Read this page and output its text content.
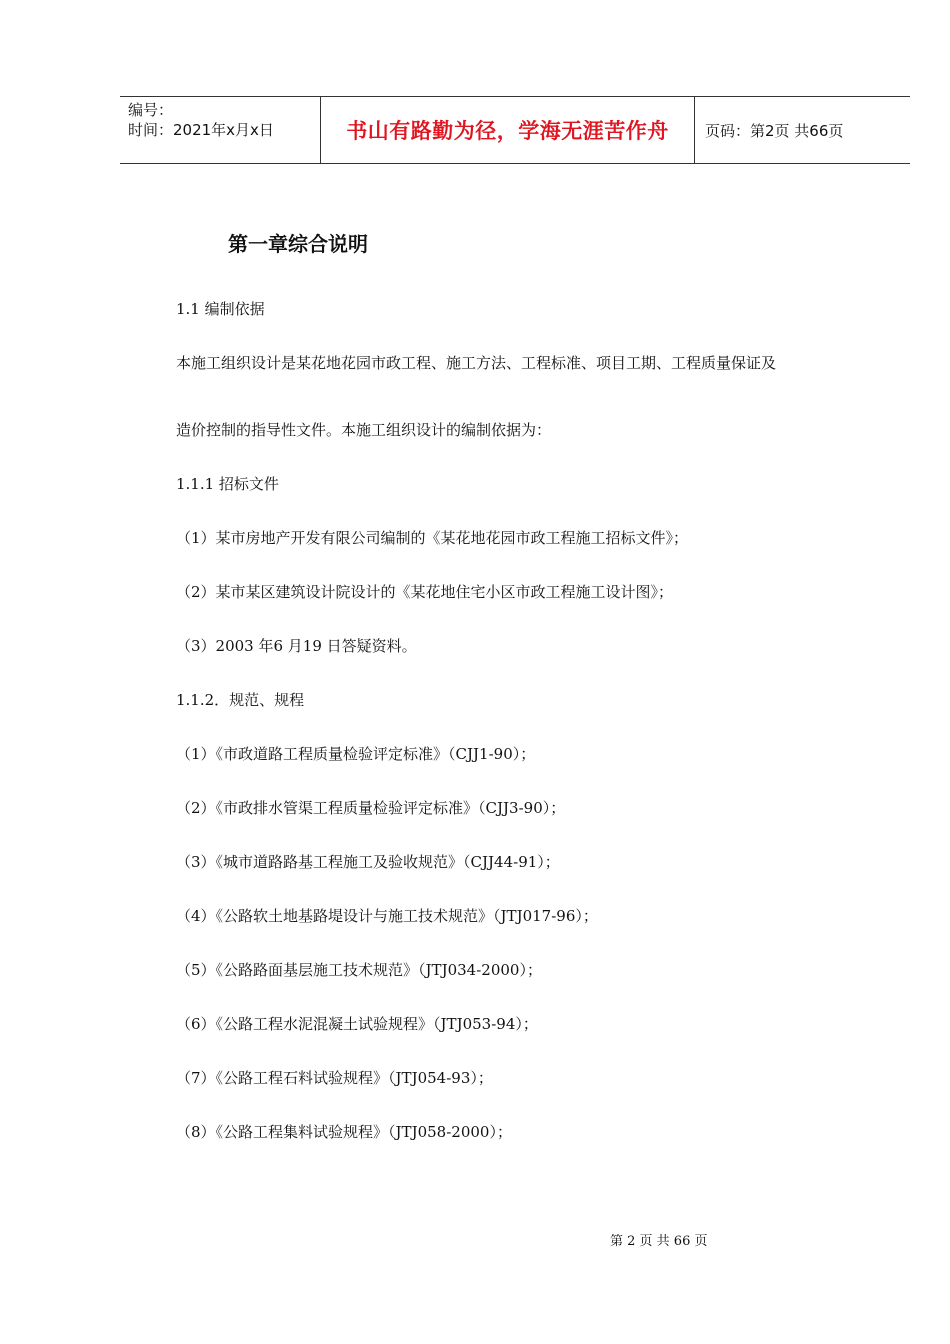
编号：
时间：2021年x月x日	书山有路勤为径，学海无涯苦作舟 页码：第2页 共66页
第一章综合说明
1.1 编制依据
本施工组织设计是某花地花园市政工程、施工方法、工程标准、项目工期、工程质量保证及
造价控制的指导性文件。本施工组织设计的编制依据为：
1.1.1 招标文件
（1）某市房地产开发有限公司编制的《某花地花园市政工程施工招标文件》；
（2）某市某区建筑设计院设计的《某花地住宅小区市政工程施工设计图》；
（3）2003 年6 月19 日答疑资料。
1.1.2．规范、规程
（1）《市政道路工程质量检验评定标准》（CJJ1-90）；
（2）《市政排水管渠工程质量检验评定标准》（CJJ3-90）；
（3）《城市道路路基工程施工及验收规范》（CJJ44-91）；
（4）《公路软土地基路堤设计与施工技术规范》（JTJ017-96）；
（5）《公路路面基层施工技术规范》（JTJ034-2000）；
（6）《公路工程水泥混凝土试验规程》（JTJ053-94）；
（7）《公路工程石料试验规程》（JTJ054-93）；
（8）《公路工程集料试验规程》（JTJ058-2000）；
第 2 页 共 66 页
